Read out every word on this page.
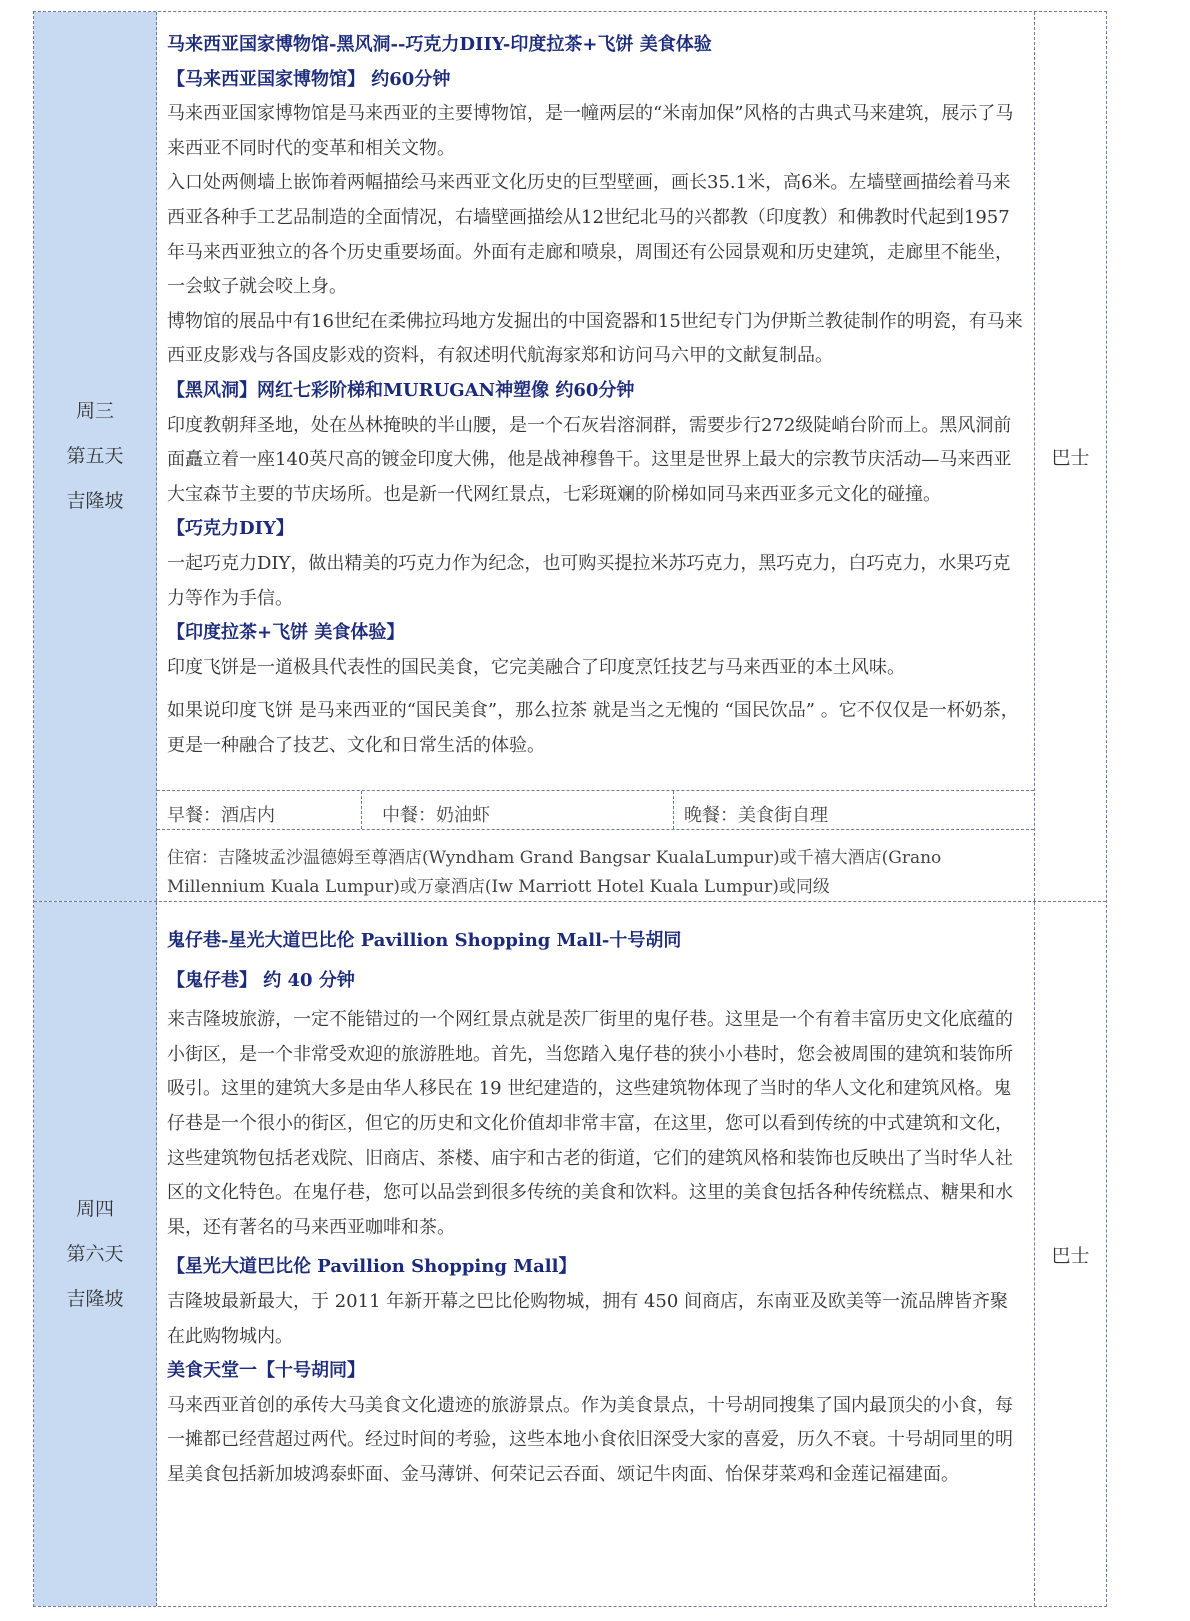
周三
第五天
吉隆坡
马来西亚国家博物馆-黑风洞--巧克力DIIY-印度拉茶+飞饼 美食体验
【马来西亚国家博物馆】 约60分钟
马来西亚国家博物馆是马来西亚的主要博物馆，是一幢两层的“米南加保”风格的古典式马来建筑，展示了马来西亚不同时代的变革和相关文物。
入口处两侧墙上嵌饰着两幅描绘马来西亚文化历史的巨型壁画，画长35.1米，高6米。左墙壁画描绘着马来西亚各种手工艺品制造的全面情况，右墙壁画描绘从12世纪北马的兴都教（印度教）和佛教时代起到1957年马来西亚独立的各个历史重要场面。外面有走廊和喷泉，周围还有公园景观和历史建筑，走廊里不能坐，一会蚊子就会咬上身。
博物馆的展品中有16世纪在柔佛拉玛地方发掘出的中国瓷器和15世纪专门为伊斯兰教徒制作的明瓷，有马来西亚皮影戏与各国皮影戏的资料，有叙述明代航海家郑和访问马六甲的文献复制品。
【黑风洞】网红七彩阶梯和MURUGAN神塑像 约60分钟
印度教朝拜圣地，处在丛林掩映的半山腰，是一个石灰岩溶洞群，需要步行272级陡峭台阶而上。黑风洞前面矗立着一座140英尺高的镀金印度大佛，他是战神穆鲁干。这里是世界上最大的宗教节庆活动—马来西亚大宝森节主要的节庆场所。也是新一代网红景点，七彩斑斓的阶梯如同马来西亚多元文化的碰撞。
【巧克力DIY】
一起巧克力DIY，做出精美的巧克力作为纪念，也可购买提拉米苏巧克力，黑巧克力，白巧克力，水果巧克力等作为手信。
【印度拉茶+飞饼 美食体验】
印度飞饼是一道极具代表性的国民美食，它完美融合了印度烹饪技艺与马来西亚的本土风味。
如果说印度飞饼 是马来西亚的“国民美食”，那么拉茶 就是当之无愧的 “国民饮品” 。它不仅仅是一杯奶茶，更是一种融合了技艺、文化和日常生活的体验。
早餐：酒店内	中餐：奶油虾	晚餐：美食街自理
住宿：吉隆坡孟沙温德姆至尊酒店(Wyndham Grand Bangsar KualaLumpur)或千禧大酒店(Grano Millennium Kuala Lumpur)或万豪酒店(Iw Marriott Hotel Kuala Lumpur)或同级
巴士
周四
第六天
吉隆坡
鬼仔巷-星光大道巴比伦 Pavillion Shopping Mall-十号胡同
【鬼仔巷】 约 40 分钟
来吉隆坡旅游，一定不能错过的一个网红景点就是茨厂街里的鬼仔巷。这里是一个有着丰富历史文化底蕴的小街区，是一个非常受欢迎的旅游胜地。首先，当您踏入鬼仔巷的狭小小巷时，您会被周围的建筑和装饰所吸引。这里的建筑大多是由华人移民在 19 世纪建造的，这些建筑物体现了当时的华人文化和建筑风格。鬼仔巷是一个很小的街区，但它的历史和文化价值却非常丰富，在这里，您可以看到传统的中式建筑和文化，这些建筑物包括老戏院、旧商店、茶楼、庙宇和古老的街道，它们的建筑风格和装饰也反映出了当时华人社区的文化特色。在鬼仔巷，您可以品尝到很多传统的美食和饮料。这里的美食包括各种传统糕点、糖果和水果，还有著名的马来西亚咖啡和茶。
【星光大道巴比伦 Pavillion Shopping Mall】
吉隆坡最新最大，于 2011 年新开幕之巴比伦购物城，拥有 450 间商店，东南亚及欧美等一流品牌皆齐聚在此购物城内。
美食天堂一【十号胡同】
马来西亚首创的承传大马美食文化遗迹的旅游景点。作为美食景点，十号胡同搜集了国内最顶尖的小食，每一摊都已经营超过两代。经过时间的考验，这些本地小食依旧深受大家的喜爱，历久不衰。十号胡同里的明星美食包括新加坡鸿泰虾面、金马薄饼、何荣记云吞面、颂记牛肉面、怡保芽菜鸡和金莲记福建面。
巴士
